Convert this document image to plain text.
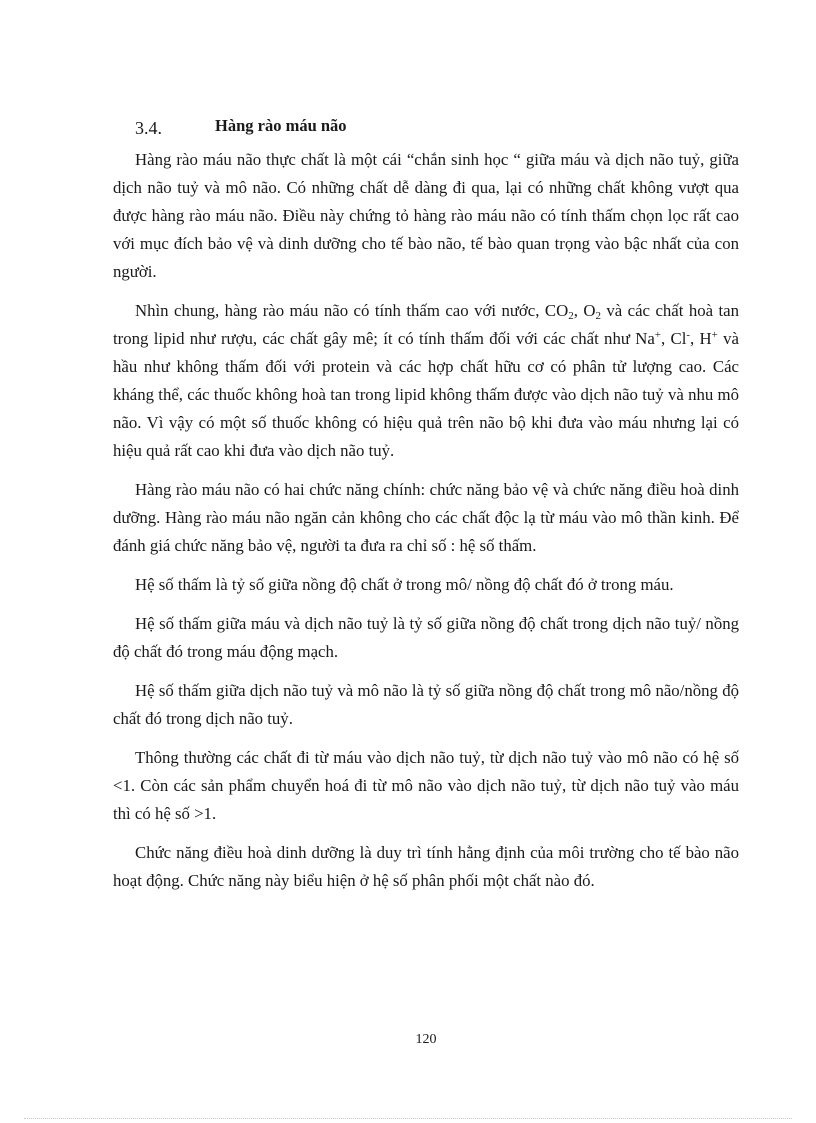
3.4.	Hàng rào máu não

Hàng rào máu não thực chất là một cái “chắn sinh học “ giữa máu và dịch não tuỷ, giữa dịch não tuỷ và mô não. Có những chất dễ dàng đi qua, lại có những chất không vượt qua được hàng rào máu não. Điều này chứng tỏ hàng rào máu não có tính thấm chọn lọc rất cao với mục đích bảo vệ và dinh dưỡng cho tế bào não, tế bào quan trọng vào bậc nhất của con người.

Nhìn chung, hàng rào máu não có tính thấm cao với nước, $CO_2$, $O_2$ và các chất hoà tan trong lipid như rượu, các chất gây mê; ít có tính thấm đối với các chất như Na+, Cl-, H+ và hầu như không thấm đối với protein và các hợp chất hữu cơ có phân tử lượng cao. Các kháng thể, các thuốc không hoà tan trong lipid không thấm được vào dịch não tuỷ và nhu mô não. Vì vậy có một số thuốc không có hiệu quả trên não bộ khi đưa vào máu nhưng lại có hiệu quả rất cao khi đưa vào dịch não tuỷ.

Hàng rào máu não có hai chức năng chính: chức năng bảo vệ và chức năng điều hoà dinh dưỡng. Hàng rào máu não ngăn cản không cho các chất độc lạ từ máu vào mô thần kinh. Để đánh giá chức năng bảo vệ, người ta đưa ra chỉ số : hệ số thấm.

Hệ số thấm là tỷ số giữa nồng độ chất ở trong mô/ nồng độ chất đó ở trong máu.

Hệ số thấm giữa máu và dịch não tuỷ là tỷ số giữa nồng độ chất trong dịch não tuỷ/ nồng độ chất đó trong máu động mạch.

Hệ số thấm giữa dịch não tuỷ và mô não là tỷ số giữa nồng độ chất trong mô não/nồng độ chất đó trong dịch não tuỷ.

Thông thường các chất đi từ máu vào dịch não tuỷ, từ dịch não tuỷ vào mô não có hệ số <1. Còn các sản phẩm chuyển hoá đi từ mô não vào dịch não tuỷ, từ dịch não tuỷ vào máu thì có hệ số >1.

Chức năng điều hoà dinh dưỡng là duy trì tính hằng định của môi trường cho tế bào não hoạt động. Chức năng này biểu hiện ở hệ số phân phối một chất nào đó.

120
